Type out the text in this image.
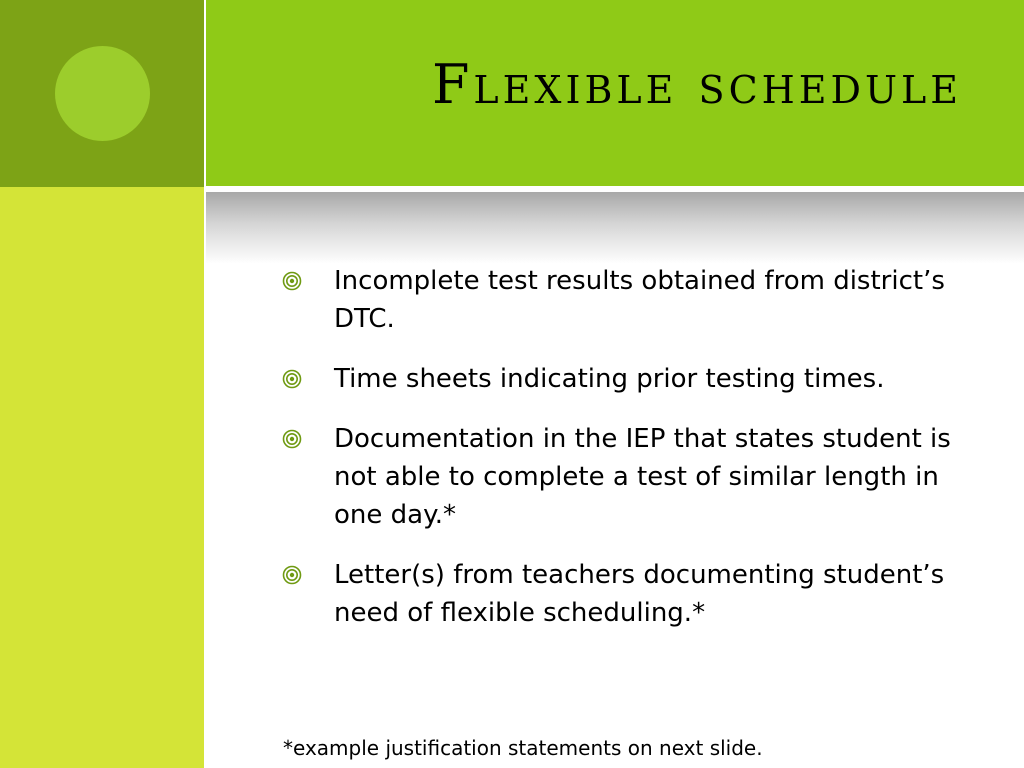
Flexible schedule
Incomplete test results obtained from district’s DTC.
Time sheets indicating prior testing times.
Documentation in the IEP that states student is not able to complete a test of similar length in one day.*
Letter(s) from teachers documenting student’s need of flexible scheduling.*
*example justification statements on next slide.
